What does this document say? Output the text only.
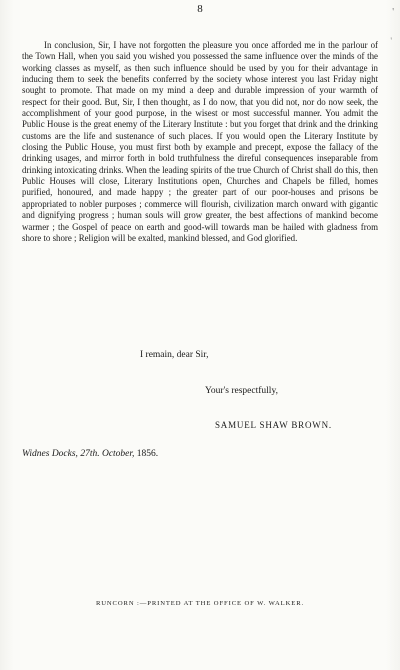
8	'
'

In conclusion, Sir, I have not forgotten the pleasure you once afforded me in the parlour of the Town Hall, when you said you wished you possessed the same influence over the minds of the working classes as myself, as then such influence should be used by you for their advantage in inducing them to seek the benefits conferred by the society whose interest you last Friday night sought to promote. That made on my mind a deep and durable impression of your warmth of respect for their good. But, Sir, I then thought, as I do now, that you did not, nor do now seek, the accomplishment of your good purpose, in the wisest or most successful manner. You admit the Public House is the great enemy of the Literary Institute : but you forget that drink and the drinking customs are the life and sustenance of such places. If you would open the Literary Institute by closing the Public House, you must first both by example and precept, expose the fallacy of the drinking usages, and mirror forth in bold truthfulness the direful consequences inseparable from drinking intoxicating drinks. When the leading spirits of the true Church of Christ shall do this, then Public Houses will close, Literary Institutions open, Churches and Chapels be filled, homes purified, honoured, and made happy ; the greater part of our poor-houses and prisons be appropriated to nobler purposes ; commerce will flourish, civilization march onward with gigantic and dignifying progress ; human souls will grow greater, the best affections of mankind become warmer ; the Gospel of peace on earth and good-will towards man be hailed with gladness from shore to shore ; Religion will be exalted, mankind blessed, and God glorified.

I remain, dear Sir,
Your's respectfully,
SAMUEL SHAW BROWN.
Widnes Docks, 27th. October, 1856.
RUNCORN :—PRINTED AT THE OFFICE OF W. WALKER.
